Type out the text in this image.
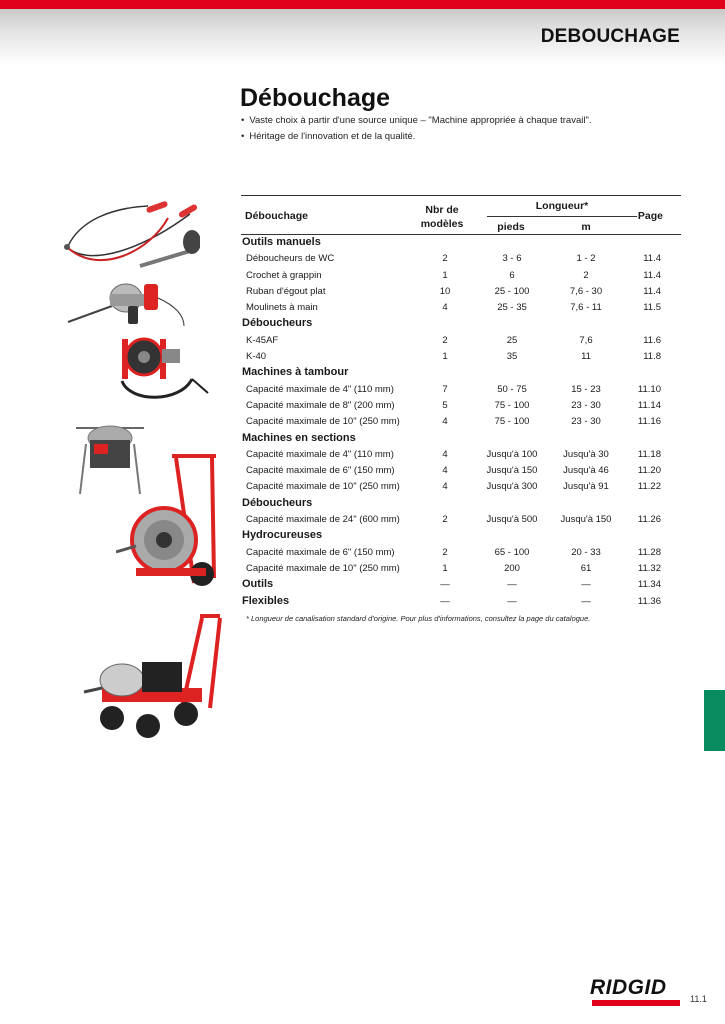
DEBOUCHAGE
Débouchage
• Vaste choix à partir d'une source unique – "Machine appropriée à chaque travail".
• Héritage de l'innovation et de la qualité.
Débouchage	Nbr de modèles
Longueur*
pieds	m
Page
Outils manuels
Déboucheurs de WC	2	3 - 6	1 - 2	11.4
Crochet à grappin	1	6	2	11.4
Ruban d'égout plat	10	25 - 100	7,6 - 30	11.4
Moulinets à main	4	25 - 35	7,6 - 11	11.5
Déboucheurs
K-45AF	2	25	7,6	11.6
K-40	1	35	11	11.8
Machines à tambour
Capacité maximale de 4" (110 mm)	7	50 - 75	15 - 23	11.10
Capacité maximale de 8" (200 mm)	5	75 - 100	23 - 30	11.14
Capacité maximale de 10" (250 mm)	4	75 - 100	23 - 30	11.16
Machines en sections
Capacité maximale de 4" (110 mm)	4	Jusqu'à 100	Jusqu'à 30	11.18
Capacité maximale de 6" (150 mm)	4	Jusqu'à 150	Jusqu'à 46	11.20
Capacité maximale de 10" (250 mm)	4	Jusqu'à 300	Jusqu'à 91	11.22
Déboucheurs
Capacité maximale de 24" (600 mm)	2	Jusqu'à 500	Jusqu'à 150	11.26
Hydrocureuses
Capacité maximale de 6" (150 mm)	2	65 - 100	20 - 33	11.28
Capacité maximale de 10" (250 mm)	1	200	61	11.32
Outils	—	—	—	11.34
Flexibles	—	—	—	11.36
* Longueur de canalisation standard d'origine. Pour plus d'informations, consultez la page du catalogue.
RIDGID	11.1
